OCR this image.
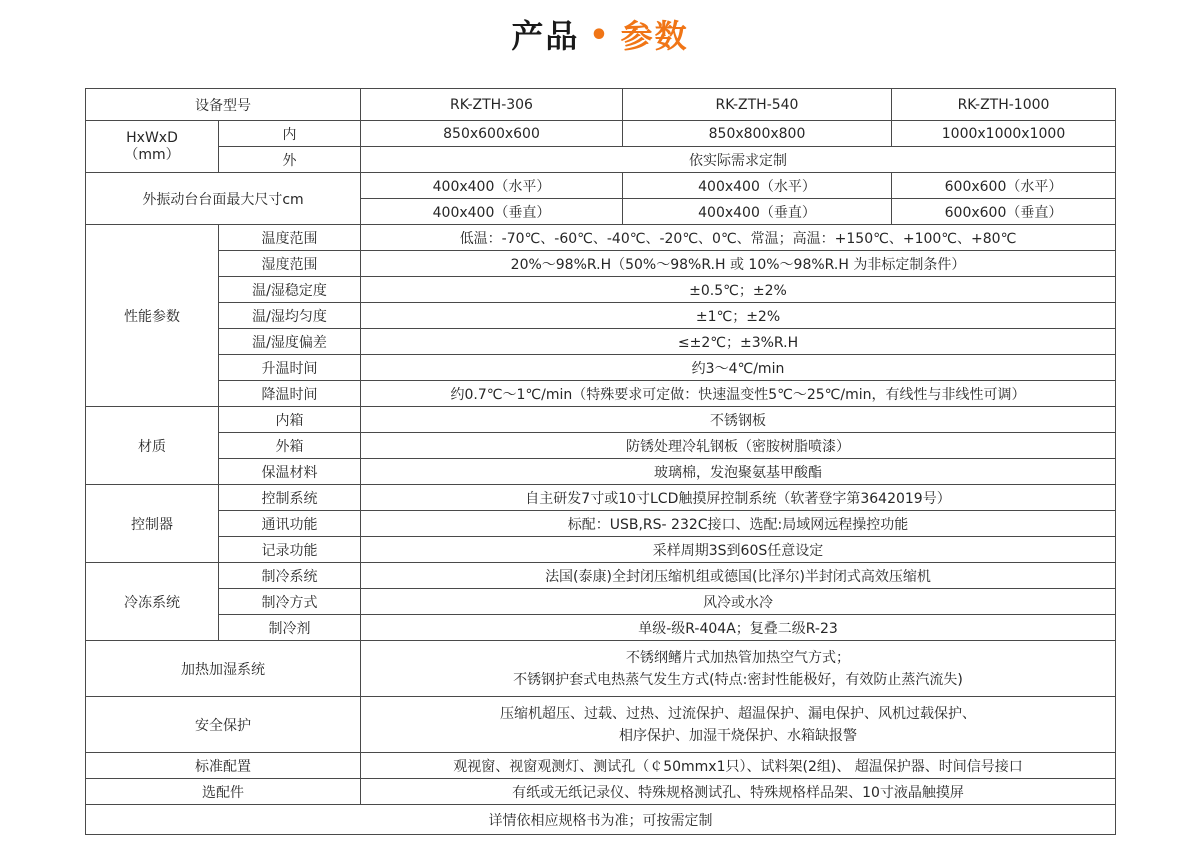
产品 • 参数
设备型号		RK-ZTH-306	RK-ZTH-540	RK-ZTH-1000

HxWxD
（mm）	内	850x600x600	850x800x800	1000x1000x1000
	外	依实际需求定制		
外振动台台面最大尺寸cm		400x400（水平）	400x400（水平）	600x600（水平）
		400x400（垂直）	400x400（垂直）	600x600（垂直）
性能参数	温度范围	低温：-70℃、-60℃、-40℃、-20℃、0℃、常温；高温：+150℃、+100℃、+80℃		
	湿度范围	20%～98%R.H（50%～98%R.H 或 10%～98%R.H 为非标定制条件）		
	温/湿稳定度	±0.5℃；±2%		
	温/湿均匀度	±1℃；±2%		
	温/湿度偏差	≤±2℃；±3%R.H		
	升温时间	约3～4℃/min		
	降温时间	约0.7℃～1℃/min（特殊要求可定做：快速温变性5℃～25℃/min，有线性与非线性可调）		
材质	内箱	不锈钢板		
	外箱	防锈处理冷轧钢板（密胺树脂喷漆）		
	保温材料	玻璃棉，发泡聚氨基甲酸酯		
控制器	控制系统	自主研发7寸或10寸LCD触摸屏控制系统（软著登字第3642019号）		
	通讯功能	标配：USB,RS- 232C接口、选配:局域网远程操控功能		
	记录功能	采样周期3S到60S任意设定		
冷冻系统	制冷系统	法国(泰康)全封闭压缩机组或德国(比泽尔)半封闭式高效压缩机		
	制冷方式	风冷或水冷		
	制冷剂	单级-级R-404A；复叠二级R-23		
加热加湿系统		不锈纲鳍片式加热管加热空气方式；
不锈钢护套式电热蒸气发生方式(特点:密封性能极好，有效防止蒸汽流失)		

安全保护		压缩机超压、过载、过热、过流保护、超温保护、漏电保护、风机过载保护、
相序保护、加湿干烧保护、水箱缺报警		

标准配置		观视窗、视窗观测灯、测试孔（￠50mmx1只）、试料架(2组)、 超温保护器、时间信号接口		
选配件		有纸或无纸记录仪、特殊规格测试孔、特殊规格样品架、10寸液晶触摸屏		
详情依相应规格书为准；可按需定制				
